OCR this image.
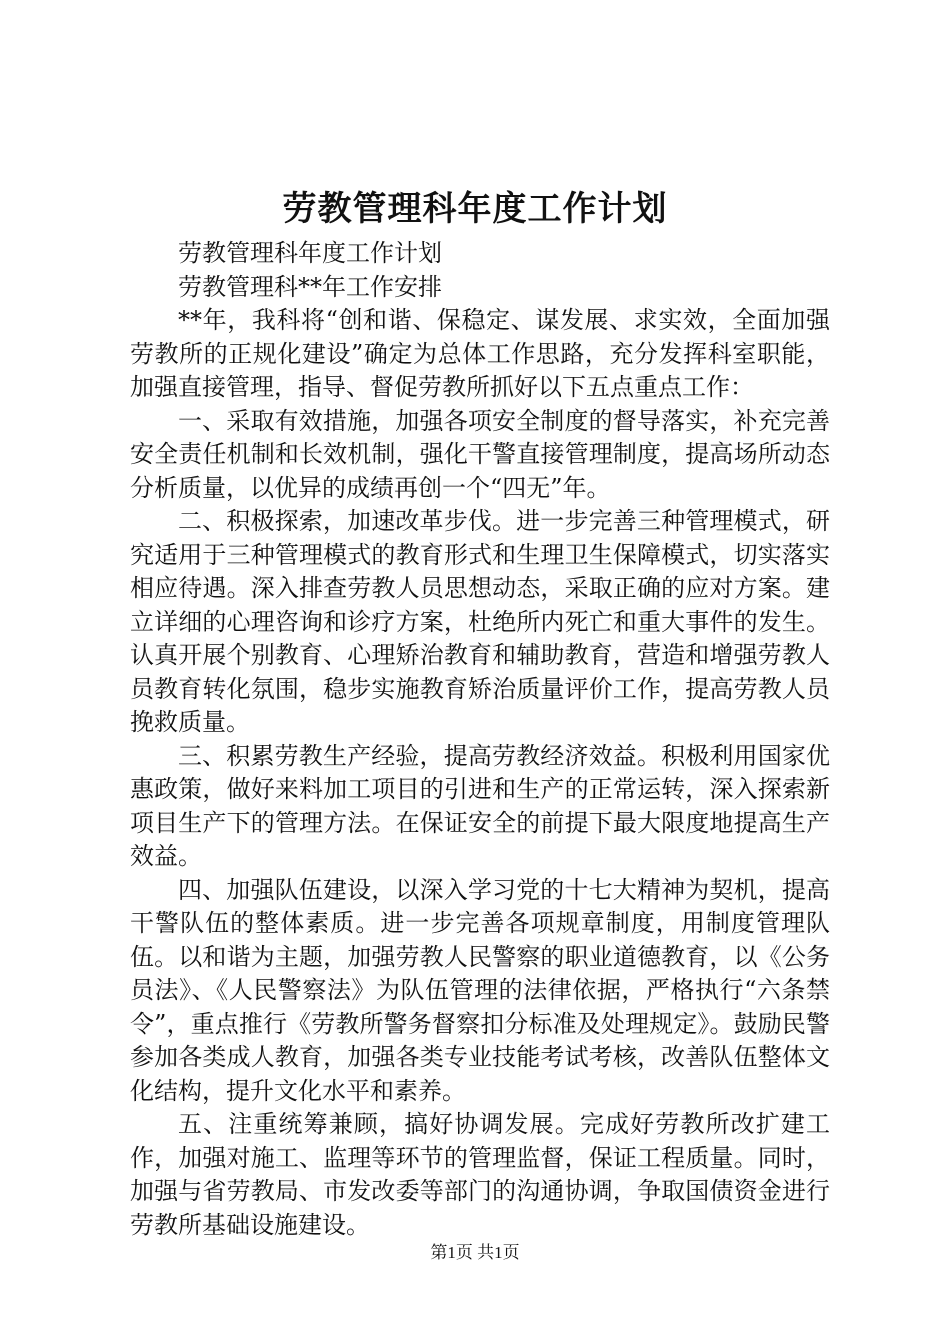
劳教管理科年度工作计划

劳教管理科年度工作计划

劳教管理科**年工作安排

**年，我科将“创和谐、保稳定、谋发展、求实效，全面加强劳教所的正规化建设”确定为总体工作思路，充分发挥科室职能，加强直接管理，指导、督促劳教所抓好以下五点重点工作：

一、采取有效措施，加强各项安全制度的督导落实，补充完善安全责任机制和长效机制，强化干警直接管理制度，提高场所动态分析质量，以优异的成绩再创一个“四无”年。

二、积极探索，加速改革步伐。进一步完善三种管理模式，研究适用于三种管理模式的教育形式和生理卫生保障模式，切实落实相应待遇。深入排查劳教人员思想动态，采取正确的应对方案。建立详细的心理咨询和诊疗方案，杜绝所内死亡和重大事件的发生。认真开展个别教育、心理矫治教育和辅助教育，营造和增强劳教人员教育转化氛围，稳步实施教育矫治质量评价工作，提高劳教人员挽救质量。

三、积累劳教生产经验，提高劳教经济效益。积极利用国家优惠政策，做好来料加工项目的引进和生产的正常运转，深入探索新项目生产下的管理方法。在保证安全的前提下最大限度地提高生产效益。

四、加强队伍建设，以深入学习党的十七大精神为契机，提高干警队伍的整体素质。进一步完善各项规章制度，用制度管理队伍。以和谐为主题，加强劳教人民警察的职业道德教育，以《公务员法》、《人民警察法》为队伍管理的法律依据，严格执行“六条禁令”，重点推行《劳教所警务督察扣分标准及处理规定》。鼓励民警参加各类成人教育，加强各类专业技能考试考核，改善队伍整体文化结构，提升文化水平和素养。

五、注重统筹兼顾，搞好协调发展。完成好劳教所改扩建工作，加强对施工、监理等环节的管理监督，保证工程质量。同时，加强与省劳教局、市发改委等部门的沟通协调，争取国债资金进行劳教所基础设施建设。

第1页 共1页
